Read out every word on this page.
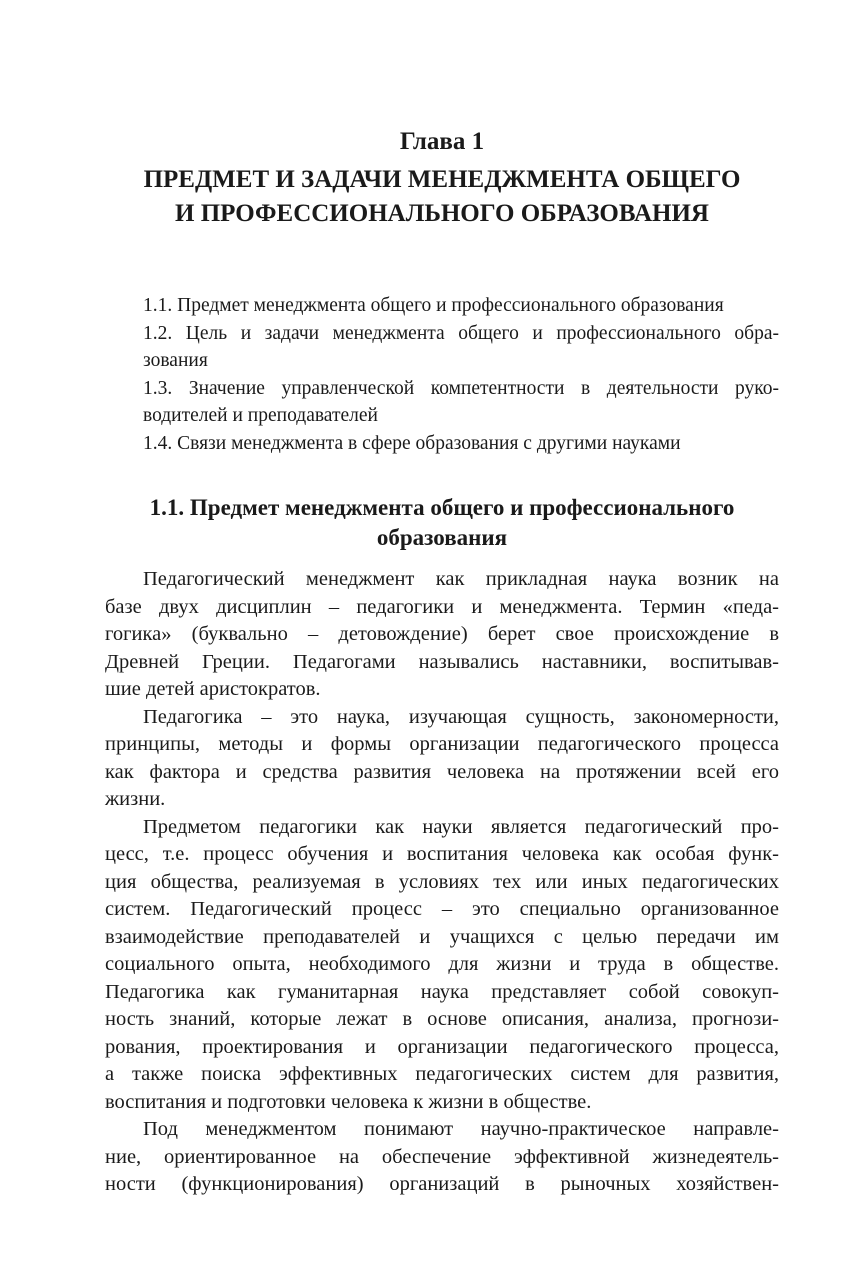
Глава 1
ПРЕДМЕТ И ЗАДАЧИ МЕНЕДЖМЕНТА ОБЩЕГО
И ПРОФЕССИОНАЛЬНОГО ОБРАЗОВАНИЯ
1.1. Предмет менеджмента общего и профессионального образования
1.2. Цель и задачи менеджмента общего и профессионального обра-
зования
1.3. Значение управленческой компетентности в деятельности руко-
водителей и преподавателей
1.4. Связи менеджмента в сфере образования с другими науками
1.1. Предмет менеджмента общего и профессионального
образования
Педагогический менеджмент как прикладная наука возник на
базе двух дисциплин – педагогики и менеджмента. Термин «педа-
гогика» (буквально – детовождение) берет свое происхождение в
Древней Греции. Педагогами назывались наставники, воспитывав-
шие детей аристократов.
Педагогика – это наука, изучающая сущность, закономерности,
принципы, методы и формы организации педагогического процесса
как фактора и средства развития человека на протяжении всей его
жизни.
Предметом педагогики как науки является педагогический про-
цесс, т.е. процесс обучения и воспитания человека как особая функ-
ция общества, реализуемая в условиях тех или иных педагогических
систем. Педагогический процесс – это специально организованное
взаимодействие преподавателей и учащихся с целью передачи им
социального опыта, необходимого для жизни и труда в обществе.
Педагогика как гуманитарная наука представляет собой совокуп-
ность знаний, которые лежат в основе описания, анализа, прогнози-
рования, проектирования и организации педагогического процесса,
а также поиска эффективных педагогических систем для развития,
воспитания и подготовки человека к жизни в обществе.
Под менеджментом понимают научно-практическое направле-
ние, ориентированное на обеспечение эффективной жизнедеятель-
ности (функционирования) организаций в рыночных хозяйствен-
